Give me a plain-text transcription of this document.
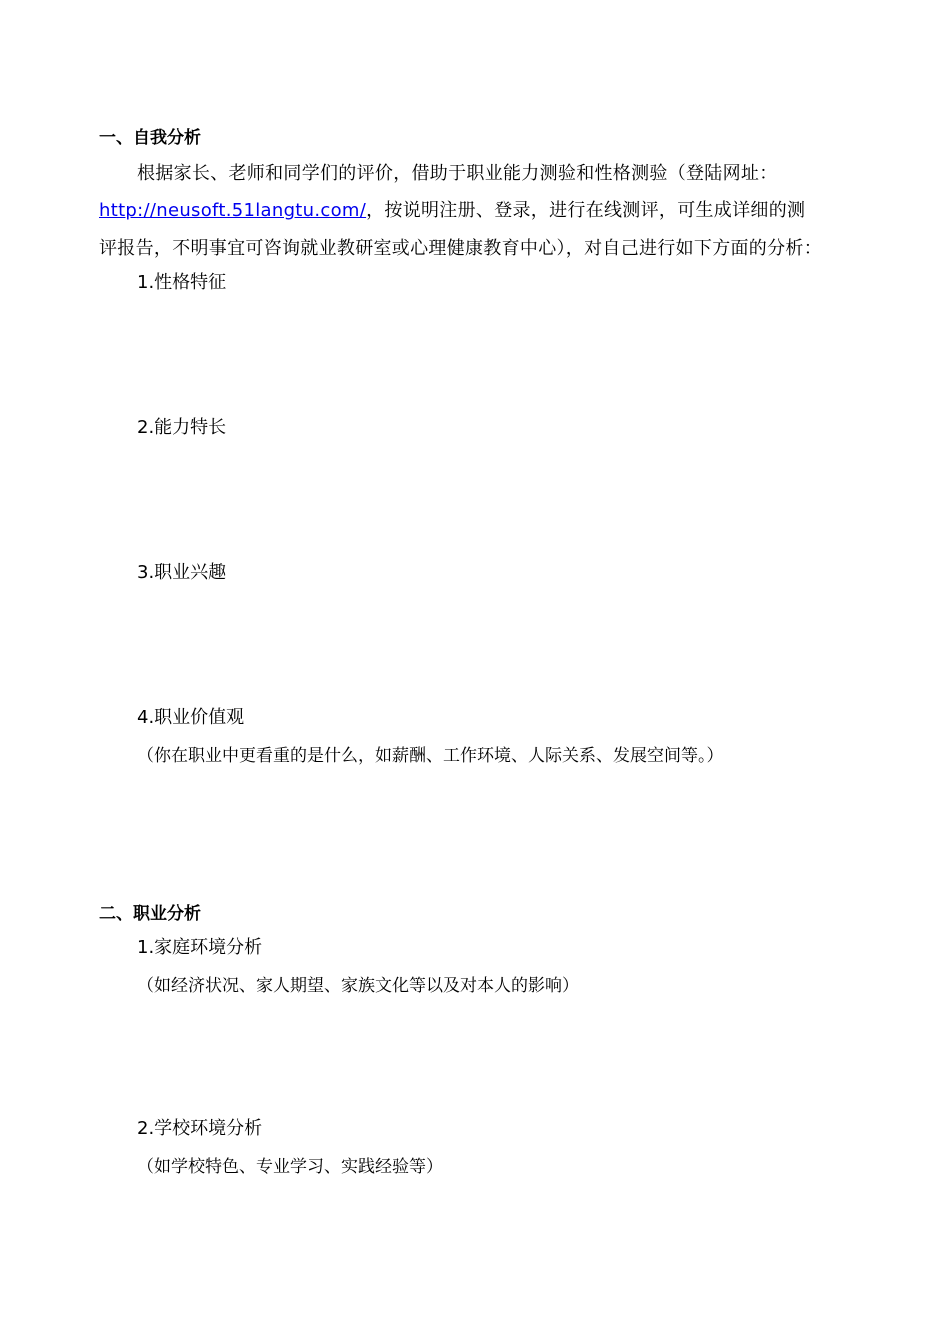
一、自我分析
根据家长、老师和同学们的评价，借助于职业能力测验和性格测验（登陆网址：
http://neusoft.51langtu.com/，按说明注册、登录，进行在线测评，可生成详细的测
评报告，不明事宜可咨询就业教研室或心理健康教育中心），对自己进行如下方面的分析：
1.性格特征
2.能力特长
3.职业兴趣
4.职业价值观
（你在职业中更看重的是什么，如薪酬、工作环境、人际关系、发展空间等。）
二、职业分析
1.家庭环境分析
（如经济状况、家人期望、家族文化等以及对本人的影响）
2.学校环境分析
（如学校特色、专业学习、实践经验等）
